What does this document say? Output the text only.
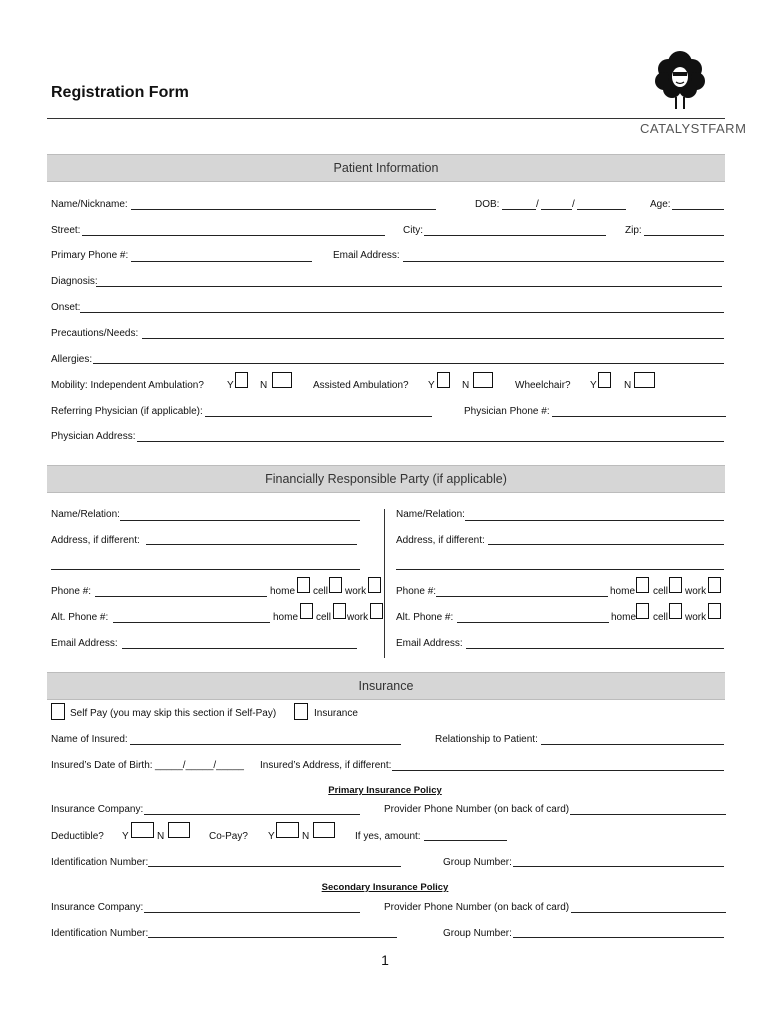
Registration Form
CATALYSTFARM
Patient Information
Name/Nickname:	DOB:	/	/	Age:
Street:	City:	Zip:
Primary Phone #:	Email Address:
Diagnosis:
Onset:
Precautions/Needs:
Allergies:
Mobility: Independent Ambulation? Y	N	Assisted Ambulation? Y	N	Wheelchair? Y	N
Referring Physician (if applicable):	Physician Phone #:
Physician Address:
Financially Responsible Party (if applicable)
Name/Relation:
Address, if different:
Phone #:	home cell work
Alt. Phone #:	home cell work
Email Address:
Name/Relation:
Address, if different:
Phone #:	home cell work
Alt. Phone #:	home cell work
Email Address:
Insurance
Self Pay (you may skip this section if Self-Pay)	Insurance
Name of Insured:	Relationship to Patient:
Insured’s Date of Birth: _____/_____/_____ Insured’s Address, if different:
Primary Insurance Policy
Insurance Company:	Provider Phone Number (on back of card)
Deductible? Y	N	Co-Pay? Y	N	If yes, amount:
Identification Number:	Group Number:
Secondary Insurance Policy
Insurance Company:	Provider Phone Number (on back of card)
Identification Number:	Group Number:
1
